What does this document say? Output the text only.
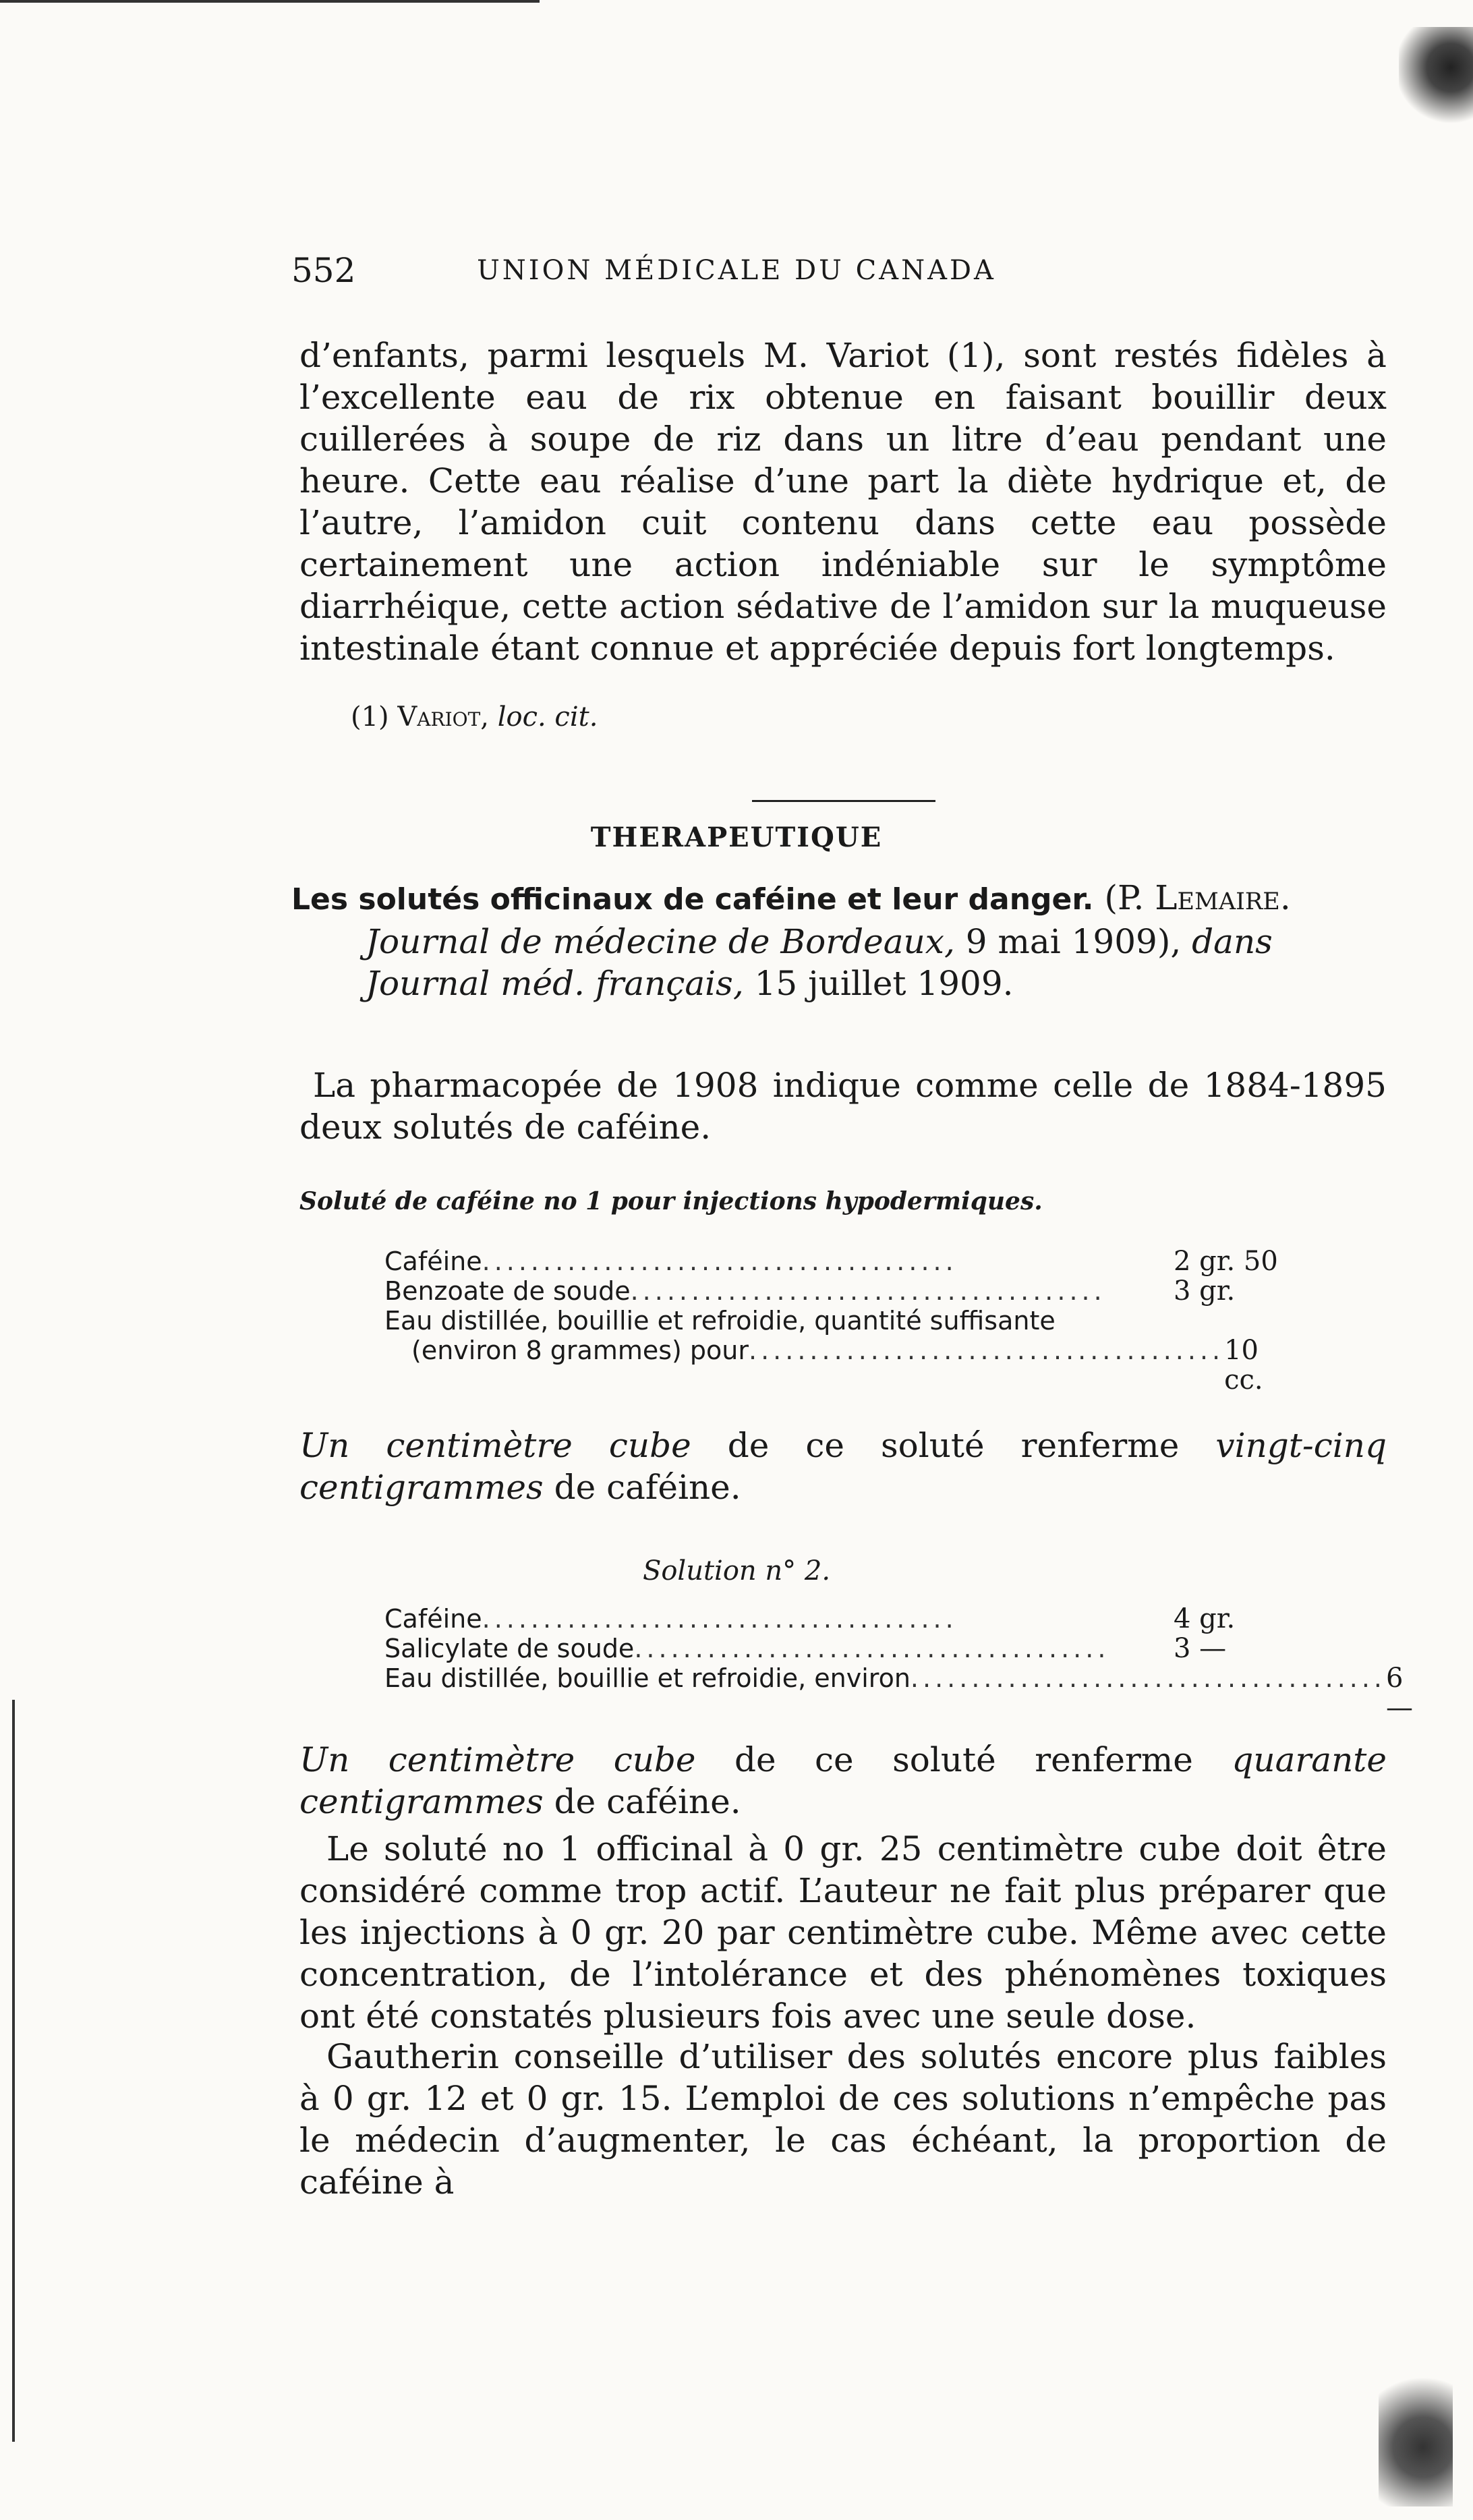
552	UNION MÉDICALE DU CANADA

d’enfants, parmi lesquels M. Variot (1), sont restés fidèles à l’excellente eau de rix obtenue en faisant bouillir deux cuillerées à soupe de riz dans un litre d’eau pendant une heure. Cette eau réalise d’une part la diète hydrique et, de l’autre, l’amidon cuit contenu dans cette eau possède certainement une action indéniable sur le symptôme diarrhéique, cette action sédative de l’amidon sur la muqueuse intestinale étant connue et appréciée depuis fort longtemps.

(1) Variot, loc. cit.
THERAPEUTIQUE
Les solutés officinaux de caféine et leur danger. (P. Lemaire.
Journal de médecine de Bordeaux, 9 mai 1909), dans Journal méd. français, 15 juillet 1909.

La pharmacopée de 1908 indique comme celle de 1884-1895 deux solutés de caféine.

Soluté de caféine no 1 pour injections hypodermiques.
Caféine .......................................	2 gr. 50
Benzoate de soude .......................................	3 gr.
Eau distillée, bouillie et refroidie, quantité suffisante
(environ 8 grammes) pour ....................................... 10 cc.

Un centimètre cube de ce soluté renferme vingt-cinq centigrammes de caféine.

Solution n° 2.
Caféine .......................................	4 gr.
Salicylate de soude .......................................	3 —
Eau distillée, bouillie et refroidie, environ ....................................... 6 —

Un centimètre cube de ce soluté renferme quarante centigrammes de caféine.

Le soluté no 1 officinal à 0 gr. 25 centimètre cube doit être considéré comme trop actif. L’auteur ne fait plus préparer que les injections à 0 gr. 20 par centimètre cube. Même avec cette concentration, de l’intolérance et des phénomènes toxiques ont été constatés plusieurs fois avec une seule dose.

Gautherin conseille d’utiliser des solutés encore plus faibles à 0 gr. 12 et 0 gr. 15. L’emploi de ces solutions n’empêche pas le médecin d’augmenter, le cas échéant, la proportion de caféine à
